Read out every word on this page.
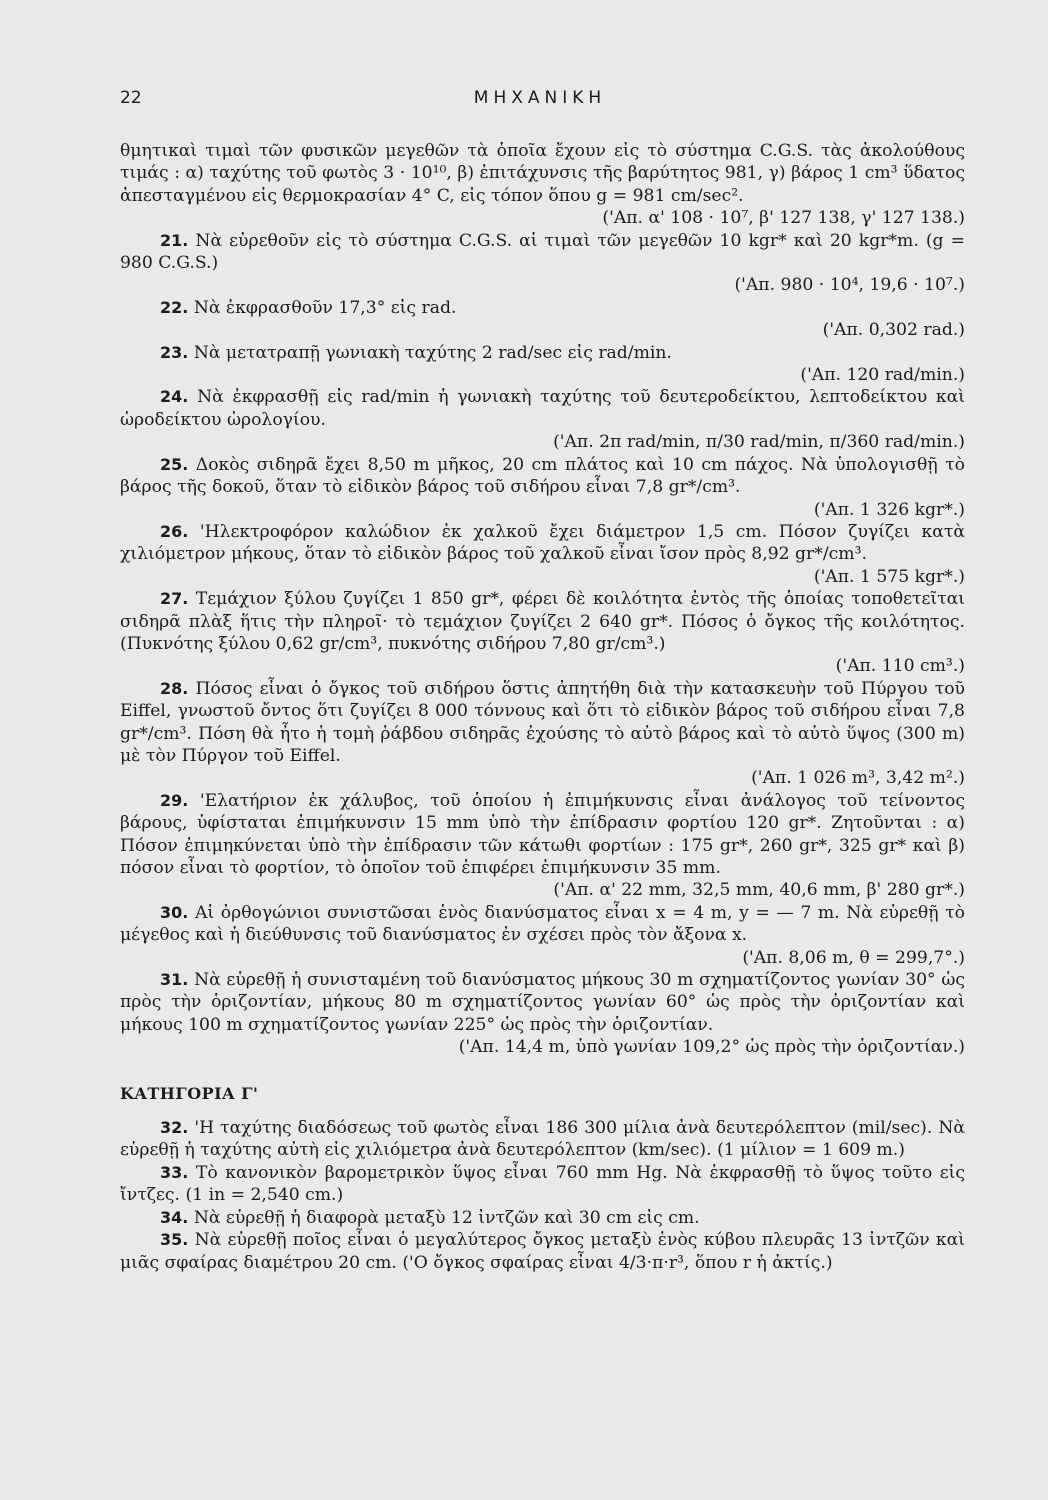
22	ΜΗΧΑΝΙΚΗ

θμητικαὶ τιμαὶ τῶν φυσικῶν μεγεθῶν τὰ ὁποῖα ἔχουν εἰς τὸ σύστημα C.G.S. τὰς ἀκολούθους τιμάς : α) ταχύτης τοῦ φωτὸς 3 · 10¹⁰, β) ἐπιτάχυνσις τῆς βαρύτητος 981, γ) βάρος 1 cm³ ὕδατος ἀπεσταγμένου εἰς θερμοκρασίαν 4° C, εἰς τόπον ὅπου g = 981 cm/sec².
('Απ. α' 108 · 10⁷, β' 127 138, γ' 127 138.)

21. Νὰ εὑρεθοῦν εἰς τὸ σύστημα C.G.S. αἱ τιμαὶ τῶν μεγεθῶν 10 kgr* καὶ 20 kgr*m. (g = 980 C.G.S.)
('Απ. 980 · 10⁴, 19,6 · 10⁷.)

22. Νὰ ἐκφρασθοῦν 17,3° εἰς rad.
('Απ. 0,302 rad.)

23. Νὰ μετατραπῇ γωνιακὴ ταχύτης 2 rad/sec εἰς rad/min.
('Απ. 120 rad/min.)

24. Νὰ ἐκφρασθῇ εἰς rad/min ἡ γωνιακὴ ταχύτης τοῦ δευτεροδείκτου, λεπτοδείκτου καὶ ὡροδείκτου ὡρολογίου.
('Απ. 2π rad/min, π/30 rad/min, π/360 rad/min.)

25. Δοκὸς σιδηρᾶ ἔχει 8,50 m μῆκος, 20 cm πλάτος καὶ 10 cm πάχος. Νὰ ὑπολογισθῇ τὸ βάρος τῆς δοκοῦ, ὅταν τὸ εἰδικὸν βάρος τοῦ σιδήρου εἶναι 7,8 gr*/cm³.
('Απ. 1 326 kgr*.)

26. 'Ηλεκτροφόρον καλώδιον ἐκ χαλκοῦ ἔχει διάμετρον 1,5 cm. Πόσον ζυγίζει κατὰ χιλιόμετρον μήκους, ὅταν τὸ εἰδικὸν βάρος τοῦ χαλκοῦ εἶναι ἴσον πρὸς 8,92 gr*/cm³.
('Απ. 1 575 kgr*.)

27. Τεμάχιον ξύλου ζυγίζει 1 850 gr*, φέρει δὲ κοιλότητα ἐντὸς τῆς ὁποίας τοποθετεῖται σιδηρᾶ πλὰξ ἥτις τὴν πληροῖ· τὸ τεμάχιον ζυγίζει 2 640 gr*. Πόσος ὁ ὄγκος τῆς κοιλότητος. (Πυκνότης ξύλου 0,62 gr/cm³, πυκνότης σιδήρου 7,80 gr/cm³.)
('Απ. 110 cm³.)

28. Πόσος εἶναι ὁ ὄγκος τοῦ σιδήρου ὅστις ἀπητήθη διὰ τὴν κατασκευὴν τοῦ Πύργου τοῦ Eiffel, γνωστοῦ ὄντος ὅτι ζυγίζει 8 000 τόννους καὶ ὅτι τὸ εἰδικὸν βάρος τοῦ σιδήρου εἶναι 7,8 gr*/cm³. Πόση θὰ ἦτο ἡ τομὴ ῥάβδου σιδηρᾶς ἐχούσης τὸ αὐτὸ βάρος καὶ τὸ αὐτὸ ὕψος (300 m) μὲ τὸν Πύργον τοῦ Eiffel.
('Απ. 1 026 m³, 3,42 m².)

29. 'Ελατήριον ἐκ χάλυβος, τοῦ ὁποίου ἡ ἐπιμήκυνσις εἶναι ἀνάλογος τοῦ τείνοντος βάρους, ὑφίσταται ἐπιμήκυνσιν 15 mm ὑπὸ τὴν ἐπίδρασιν φορτίου 120 gr*. Ζητοῦνται : α) Πόσον ἐπιμηκύνεται ὑπὸ τὴν ἐπίδρασιν τῶν κάτωθι φορτίων : 175 gr*, 260 gr*, 325 gr* καὶ β) πόσον εἶναι τὸ φορτίον, τὸ ὁποῖον τοῦ ἐπιφέρει ἐπιμήκυνσιν 35 mm.
('Απ. α' 22 mm, 32,5 mm, 40,6 mm, β' 280 gr*.)

30. Αἱ ὀρθογώνιοι συνιστῶσαι ἑνὸς διανύσματος εἶναι x = 4 m, y = — 7 m. Νὰ εὑρεθῇ τὸ μέγεθος καὶ ἡ διεύθυνσις τοῦ διανύσματος ἐν σχέσει πρὸς τὸν ἄξονα x.
('Απ. 8,06 m, θ = 299,7°.)

31. Νὰ εὑρεθῇ ἡ συνισταμένη τοῦ διανύσματος μήκους 30 m σχηματίζοντος γωνίαν 30° ὡς πρὸς τὴν ὁριζοντίαν, μήκους 80 m σχηματίζοντος γωνίαν 60° ὡς πρὸς τὴν ὁριζοντίαν καὶ μήκους 100 m σχηματίζοντος γωνίαν 225° ὡς πρὸς τὴν ὁριζοντίαν.
('Απ. 14,4 m, ὑπὸ γωνίαν 109,2° ὡς πρὸς τὴν ὁριζοντίαν.)

ΚΑΤΗΓΟΡΙΑ Γ'

32. 'Η ταχύτης διαδόσεως τοῦ φωτὸς εἶναι 186 300 μίλια ἀνὰ δευτερόλεπτον (mil/sec). Νὰ εὑρεθῇ ἡ ταχύτης αὐτὴ εἰς χιλιόμετρα ἀνὰ δευτερόλεπτον (km/sec). (1 μίλιον = 1 609 m.)

33. Τὸ κανονικὸν βαρομετρικὸν ὕψος εἶναι 760 mm Hg. Νὰ ἐκφρασθῇ τὸ ὕψος τοῦτο εἰς ἴντζες. (1 in = 2,540 cm.)

34. Νὰ εὑρεθῇ ἡ διαφορὰ μεταξὺ 12 ἰντζῶν καὶ 30 cm εἰς cm.

35. Νὰ εὑρεθῇ ποῖος εἶναι ὁ μεγαλύτερος ὄγκος μεταξὺ ἑνὸς κύβου πλευρᾶς 13 ἰντζῶν καὶ μιᾶς σφαίρας διαμέτρου 20 cm. ('Ο ὄγκος σφαίρας εἶναι 4/3·π·r³, ὅπου r ἡ ἀκτίς.)
